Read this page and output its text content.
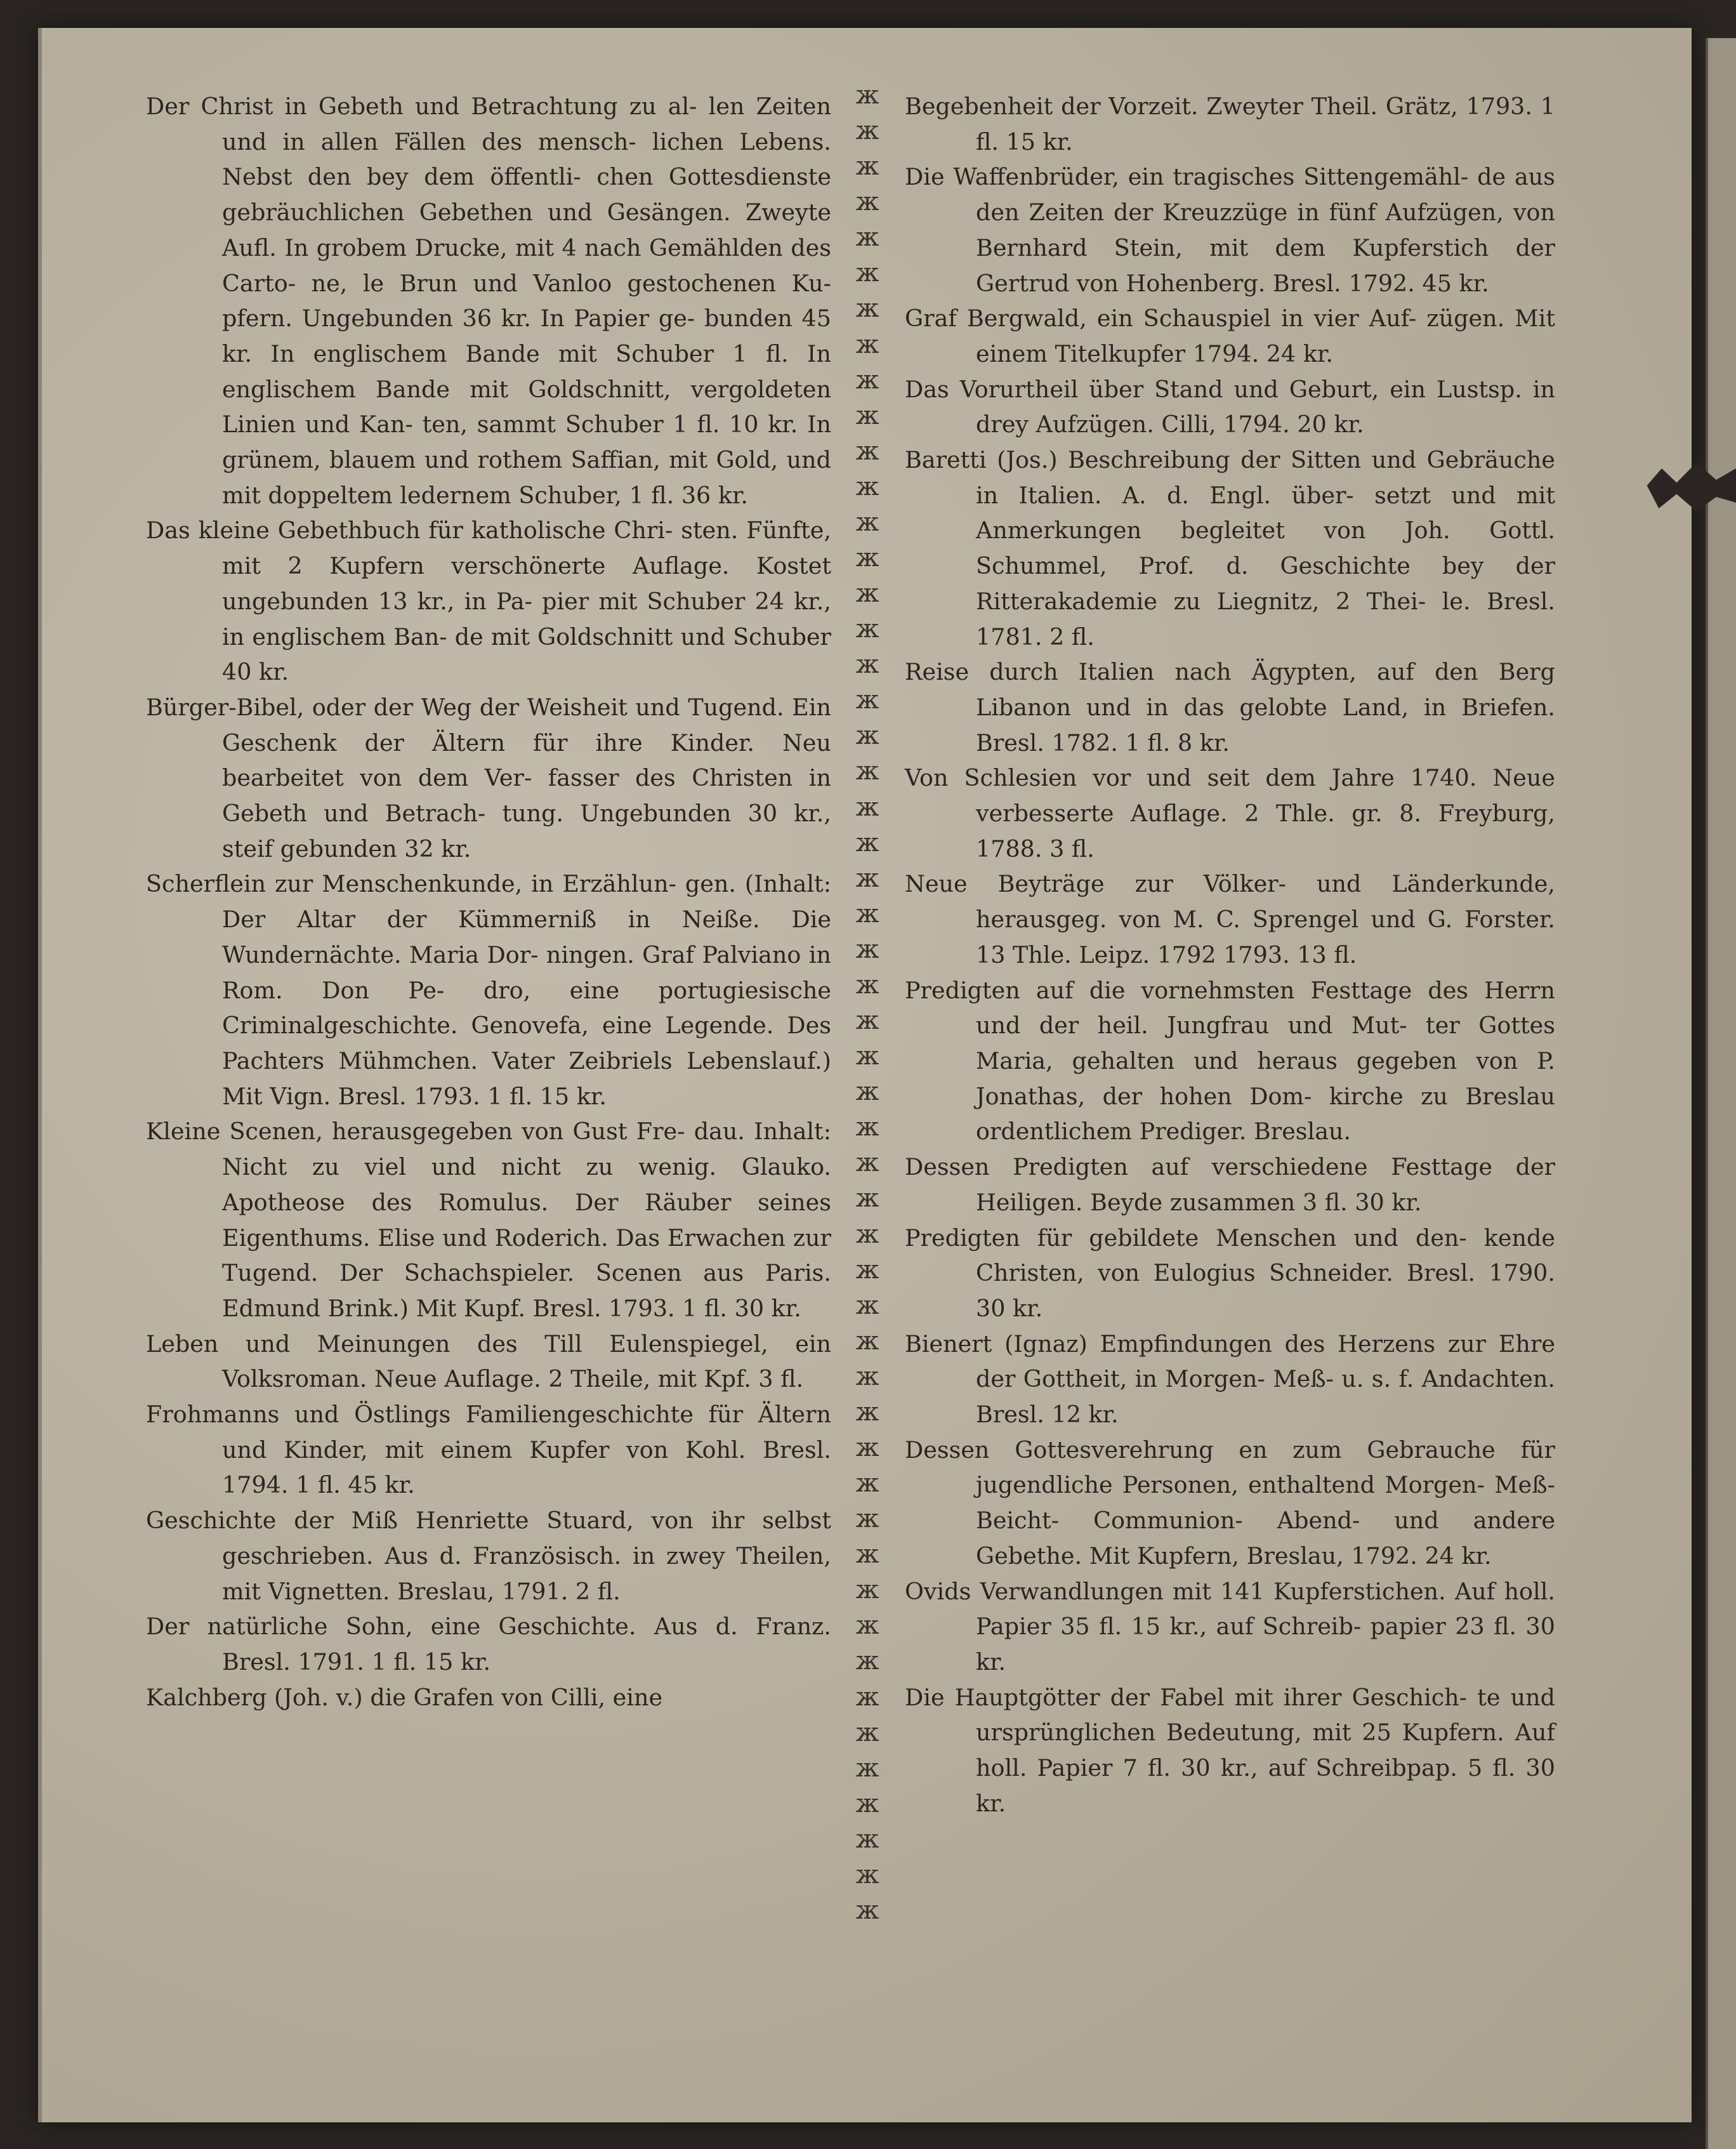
Der Christ in Gebeth und Betrachtung zu al- len Zeiten und in allen Fällen des mensch- lichen Lebens. Nebst den bey dem öffentli- chen Gottesdienste gebräuchlichen Gebethen und Gesängen. Zweyte Aufl. In grobem Drucke, mit 4 nach Gemählden des Carto- ne, le Brun und Vanloo gestochenen Ku- pfern. Ungebunden 36 kr. In Papier ge- bunden 45 kr. In englischem Bande mit Schuber 1 fl. In englischem Bande mit Goldschnitt, vergoldeten Linien und Kan- ten, sammt Schuber 1 fl. 10 kr. In grünem, blauem und rothem Saffian, mit Gold, und mit doppeltem ledernem Schuber, 1 fl. 36 kr.

Das kleine Gebethbuch für katholische Chri- sten. Fünfte, mit 2 Kupfern verschönerte Auflage. Kostet ungebunden 13 kr., in Pa- pier mit Schuber 24 kr., in englischem Ban- de mit Goldschnitt und Schuber 40 kr.

Bürger-Bibel, oder der Weg der Weisheit und Tugend. Ein Geschenk der Ältern für ihre Kinder. Neu bearbeitet von dem Ver- fasser des Christen in Gebeth und Betrach- tung. Ungebunden 30 kr., steif gebunden 32 kr.

Scherflein zur Menschenkunde, in Erzählun- gen. (Inhalt: Der Altar der Kümmerniß in Neiße. Die Wundernächte. Maria Dor- ningen. Graf Palviano in Rom. Don Pe- dro, eine portugiesische Criminalgeschichte. Genovefa, eine Legende. Des Pachters Mühmchen. Vater Zeibriels Lebenslauf.) Mit Vign. Bresl. 1793. 1 fl. 15 kr.

Kleine Scenen, herausgegeben von Gust Fre- dau. Inhalt: Nicht zu viel und nicht zu wenig. Glauko. Apotheose des Romulus. Der Räuber seines Eigenthums. Elise und Roderich. Das Erwachen zur Tugend. Der Schachspieler. Scenen aus Paris. Edmund Brink.) Mit Kupf. Bresl. 1793. 1 fl. 30 kr.

Leben und Meinungen des Till Eulenspiegel, ein Volksroman. Neue Auflage. 2 Theile, mit Kpf. 3 fl.

Frohmanns und Östlings Familiengeschichte für Ältern und Kinder, mit einem Kupfer von Kohl. Bresl. 1794. 1 fl. 45 kr.

Geschichte der Miß Henriette Stuard, von ihr selbst geschrieben. Aus d. Französisch. in zwey Theilen, mit Vignetten. Breslau, 1791. 2 fl.

Der natürliche Sohn, eine Geschichte. Aus d. Franz. Bresl. 1791. 1 fl. 15 kr.

Kalchberg (Joh. v.) die Grafen von Cilli, eine

ж
ж
ж
ж
ж
ж
ж
ж
ж
ж
ж
ж
ж
ж
ж
ж
ж
ж
ж
ж
ж
ж
ж
ж
ж
ж
ж
ж
ж
ж
ж
ж
ж
ж
ж
ж
ж
ж
ж
ж
ж
ж
ж
ж
ж
ж
ж
ж
ж
ж
ж
ж

Begebenheit der Vorzeit. Zweyter Theil. Grätz, 1793. 1 fl. 15 kr.

Die Waffenbrüder, ein tragisches Sittengemähl- de aus den Zeiten der Kreuzzüge in fünf Aufzügen, von Bernhard Stein, mit dem Kupferstich der Gertrud von Hohenberg. Bresl. 1792. 45 kr.

Graf Bergwald, ein Schauspiel in vier Auf- zügen. Mit einem Titelkupfer 1794. 24 kr.

Das Vorurtheil über Stand und Geburt, ein Lustsp. in drey Aufzügen. Cilli, 1794. 20 kr.

Baretti (Jos.) Beschreibung der Sitten und Gebräuche in Italien. A. d. Engl. über- setzt und mit Anmerkungen begleitet von Joh. Gottl. Schummel, Prof. d. Geschichte bey der Ritterakademie zu Liegnitz, 2 Thei- le. Bresl. 1781. 2 fl.

Reise durch Italien nach Ägypten, auf den Berg Libanon und in das gelobte Land, in Briefen. Bresl. 1782. 1 fl. 8 kr.

Von Schlesien vor und seit dem Jahre 1740. Neue verbesserte Auflage. 2 Thle. gr. 8. Freyburg, 1788. 3 fl.

Neue Beyträge zur Völker- und Länderkunde, herausgeg. von M. C. Sprengel und G. Forster. 13 Thle. Leipz. 1792 1793. 13 fl.

Predigten auf die vornehmsten Festtage des Herrn und der heil. Jungfrau und Mut- ter Gottes Maria, gehalten und heraus gegeben von P. Jonathas, der hohen Dom- kirche zu Breslau ordentlichem Prediger. Breslau.

Dessen Predigten auf verschiedene Festtage der Heiligen. Beyde zusammen 3 fl. 30 kr.

Predigten für gebildete Menschen und den- kende Christen, von Eulogius Schneider. Bresl. 1790. 30 kr.

Bienert (Ignaz) Empfindungen des Herzens zur Ehre der Gottheit, in Morgen- Meß- u. s. f. Andachten. Bresl. 12 kr.

Dessen Gottesverehrung en zum Gebrauche für jugendliche Personen, enthaltend Morgen- Meß- Beicht- Communion- Abend- und andere Gebethe. Mit Kupfern, Breslau, 1792. 24 kr.

Ovids Verwandlungen mit 141 Kupferstichen. Auf holl. Papier 35 fl. 15 kr., auf Schreib- papier 23 fl. 30 kr.

Die Hauptgötter der Fabel mit ihrer Geschich- te und ursprünglichen Bedeutung, mit 25 Kupfern. Auf holl. Papier 7 fl. 30 kr., auf Schreibpap. 5 fl. 30 kr.
